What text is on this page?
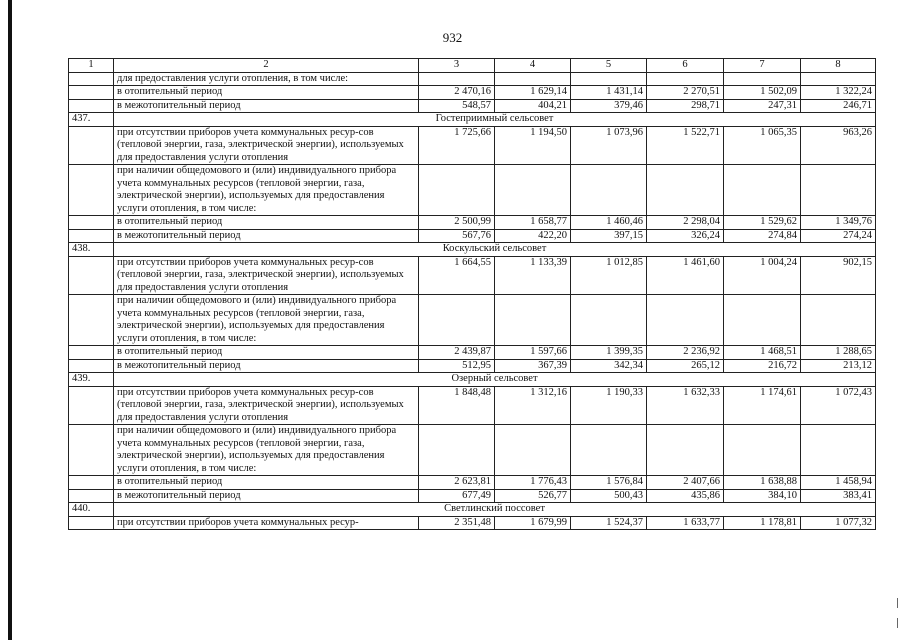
932
1	2	3	4	5	6	7	8
	для предоставления услуги отопления, в том числе:						
	в отопительный период	2 470,16	1 629,14	1 431,14	2 270,51	1 502,09	1 322,24
	в межотопительный период	548,57	404,21	379,46	298,71	247,31	246,71
437.	Гостеприимный сельсовет						
	при отсутствии приборов учета коммунальных ресур-сов (тепловой энергии, газа, электрической энергии), используемых для предоставления услуги отопления	1 725,66	1 194,50	1 073,96	1 522,71	1 065,35	963,26
	при наличии общедомового и (или) индивидуального прибора учета коммунальных ресурсов (тепловой энергии, газа, электрической энергии), используемых для предоставления услуги отопления, в том числе:						
	в отопительный период	2 500,99	1 658,77	1 460,46	2 298,04	1 529,62	1 349,76
	в межотопительный период	567,76	422,20	397,15	326,24	274,84	274,24
438.	Коскульский сельсовет						
	при отсутствии приборов учета коммунальных ресур-сов (тепловой энергии, газа, электрической энергии), используемых для предоставления услуги отопления	1 664,55	1 133,39	1 012,85	1 461,60	1 004,24	902,15
	при наличии общедомового и (или) индивидуального прибора учета коммунальных ресурсов (тепловой энергии, газа, электрической энергии), используемых для предоставления услуги отопления, в том числе:						
	в отопительный период	2 439,87	1 597,66	1 399,35	2 236,92	1 468,51	1 288,65
	в межотопительный период	512,95	367,39	342,34	265,12	216,72	213,12
439.	Озерный сельсовет						
	при отсутствии приборов учета коммунальных ресур-сов (тепловой энергии, газа, электрической энергии), используемых для предоставления услуги отопления	1 848,48	1 312,16	1 190,33	1 632,33	1 174,61	1 072,43
	при наличии общедомового и (или) индивидуального прибора учета коммунальных ресурсов (тепловой энергии, газа, электрической энергии), используемых для предоставления услуги отопления, в том числе:						
	в отопительный период	2 623,81	1 776,43	1 576,84	2 407,66	1 638,88	1 458,94
	в межотопительный период	677,49	526,77	500,43	435,86	384,10	383,41
440.	Светлинский поссовет						
	при отсутствии приборов учета коммунальных ресур-	2 351,48	1 679,99	1 524,37	1 633,77	1 178,81	1 077,32
